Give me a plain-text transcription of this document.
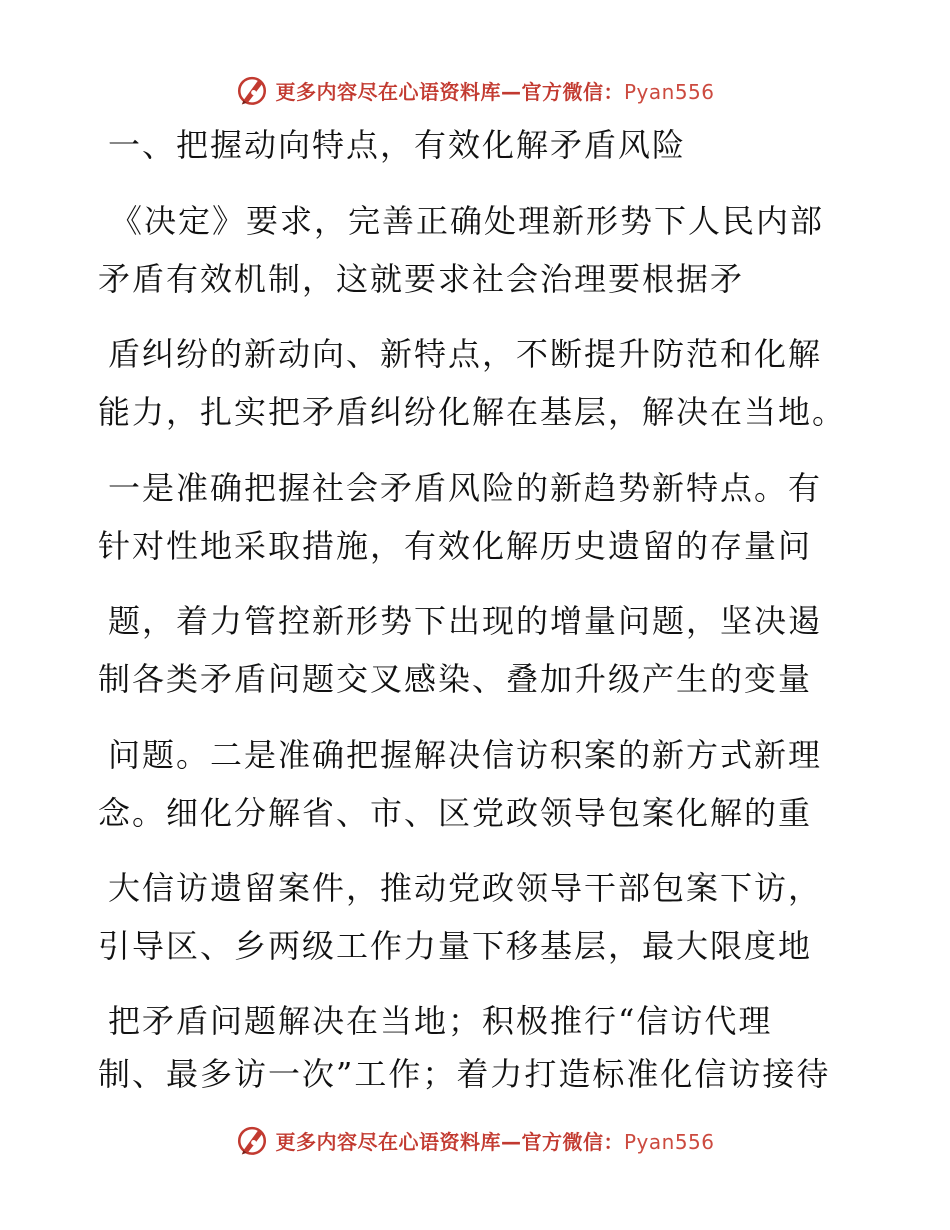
更多内容尽在心语资料库—官方微信：Pyan556
一、把握动向特点，有效化解矛盾风险
《决定》要求，完善正确处理新形势下人民内部
矛盾有效机制，这就要求社会治理要根据矛
盾纠纷的新动向、新特点，不断提升防范和化解
能力，扎实把矛盾纠纷化解在基层，解决在当地。
一是准确把握社会矛盾风险的新趋势新特点。有
针对性地采取措施，有效化解历史遗留的存量问
题，着力管控新形势下出现的增量问题，坚决遏
制各类矛盾问题交叉感染、叠加升级产生的变量
问题。二是准确把握解决信访积案的新方式新理
念。细化分解省、市、区党政领导包案化解的重
大信访遗留案件，推动党政领导干部包案下访，
引导区、乡两级工作力量下移基层，最大限度地
把矛盾问题解决在当地；积极推行“信访代理
制、最多访一次”工作；着力打造标准化信访接待
更多内容尽在心语资料库—官方微信：Pyan556
